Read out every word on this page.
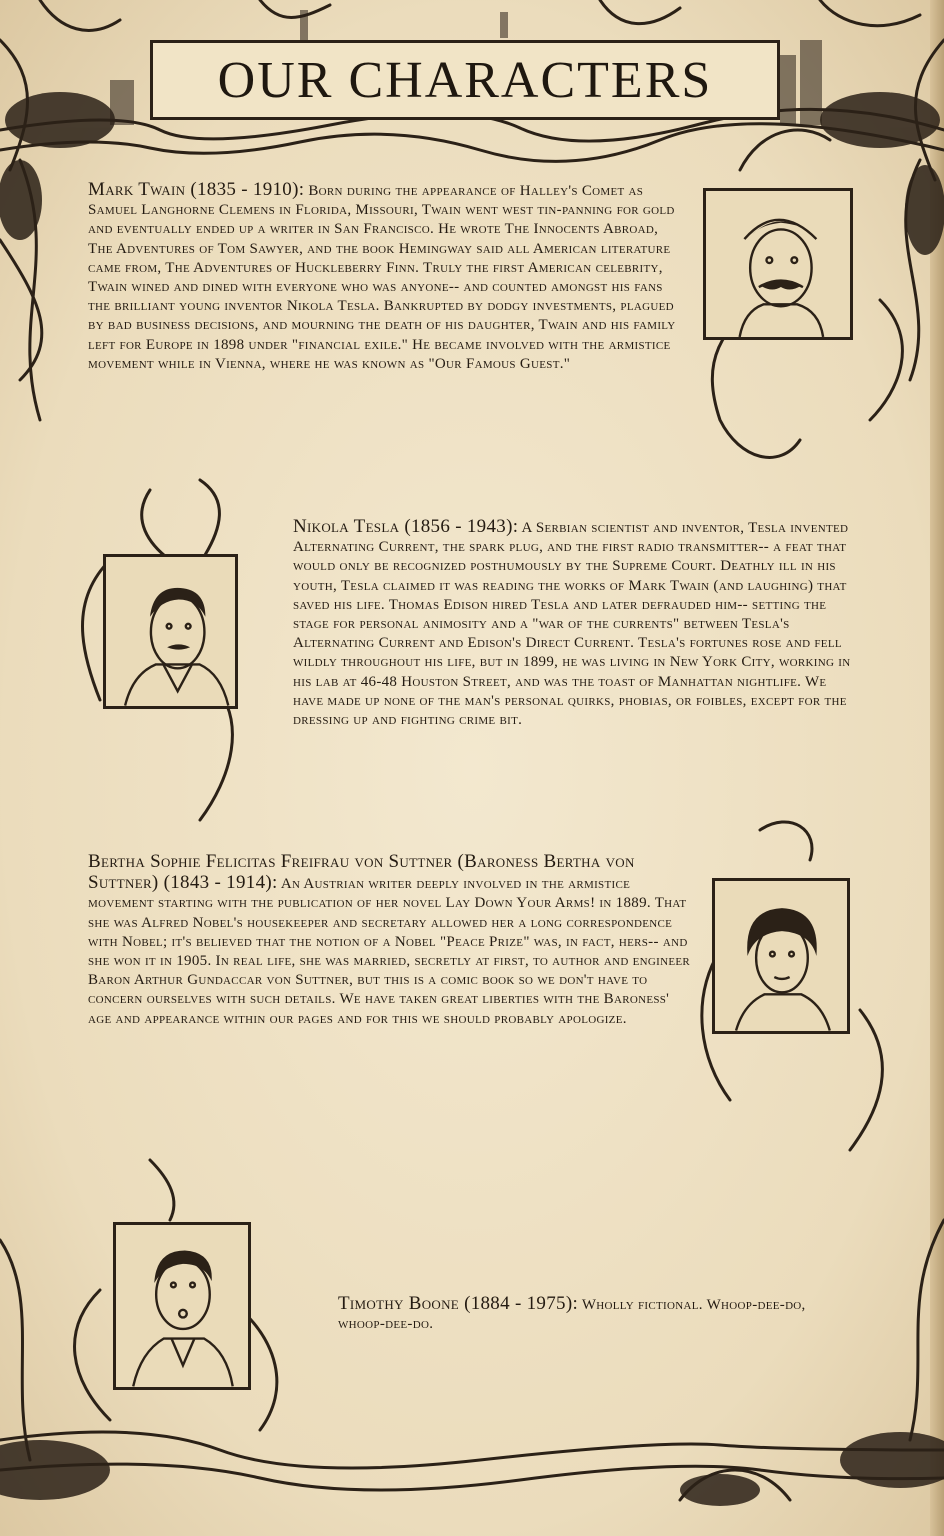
OUR CHARACTERS
Mark Twain (1835 - 1910): Born during the appearance of Halley's Comet as Samuel Langhorne Clemens in Florida, Missouri, Twain went west tin-panning for gold and eventually ended up a writer in San Francisco. He wrote The Innocents Abroad, The Adventures of Tom Sawyer, and the book Hemingway said all American literature came from, The Adventures of Huckleberry Finn. Truly the first American celebrity, Twain wined and dined with everyone who was anyone-- and counted amongst his fans the brilliant young inventor Nikola Tesla. Bankrupted by dodgy investments, plagued by bad business decisions, and mourning the death of his daughter, Twain and his family left for Europe in 1898 under "financial exile." He became involved with the armistice movement while in Vienna, where he was known as "Our Famous Guest."
Nikola Tesla (1856 - 1943): A Serbian scientist and inventor, Tesla invented Alternating Current, the spark plug, and the first radio transmitter-- a feat that would only be recognized posthumously by the Supreme Court. Deathly ill in his youth, Tesla claimed it was reading the works of Mark Twain (and laughing) that saved his life. Thomas Edison hired Tesla and later defrauded him-- setting the stage for personal animosity and a "war of the currents" between Tesla's Alternating Current and Edison's Direct Current. Tesla's fortunes rose and fell wildly throughout his life, but in 1899, he was living in New York City, working in his lab at 46-48 Houston Street, and was the toast of Manhattan nightlife. We have made up none of the man's personal quirks, phobias, or foibles, except for the dressing up and fighting crime bit.
Bertha Sophie Felicitas Freifrau von Suttner (Baroness Bertha von Suttner) (1843 - 1914): An Austrian writer deeply involved in the armistice movement starting with the publication of her novel Lay Down Your Arms! in 1889. That she was Alfred Nobel's housekeeper and secretary allowed her a long correspondence with Nobel; it's believed that the notion of a Nobel "Peace Prize" was, in fact, hers-- and she won it in 1905. In real life, she was married, secretly at first, to author and engineer Baron Arthur Gundaccar von Suttner, but this is a comic book so we don't have to concern ourselves with such details. We have taken great liberties with the Baroness' age and appearance within our pages and for this we should probably apologize.
Timothy Boone (1884 - 1975): Wholly fictional. Whoop-dee-do, whoop-dee-do.
